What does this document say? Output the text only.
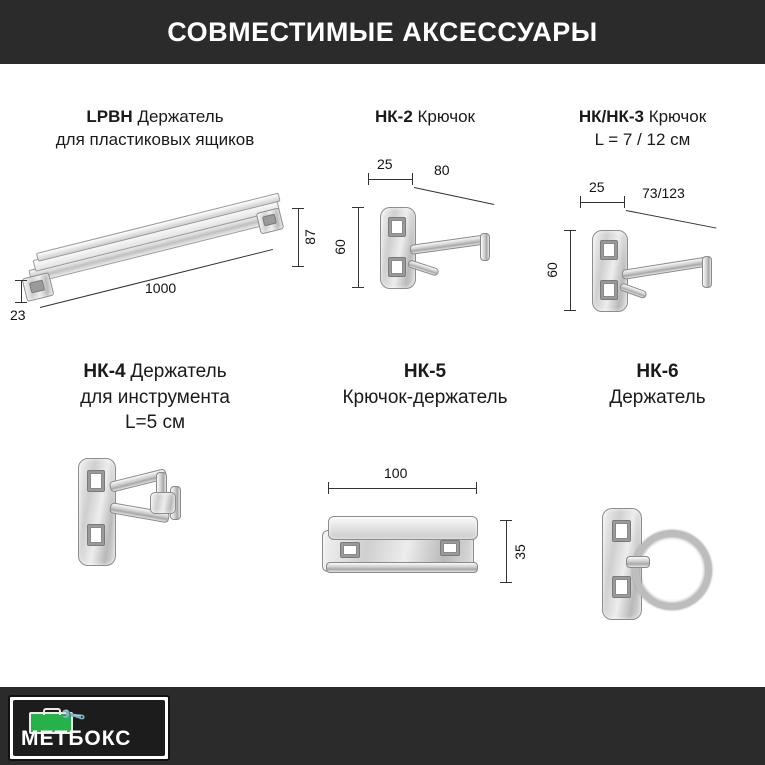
СОВМЕСТИМЫЕ АКСЕССУАРЫ
LPBH Держатель
для пластиковых ящиков
87
1000
23
НК-2 Крючок
25	80
60
НК/НК-3 Крючок
L = 7 / 12 см
25	73/123
60
НК-4 Держатель
для инструмента
L=5 см
НК-5
Крючок-держатель
100
35
НК-6
Держатель
🔧
МЕТБOКС
